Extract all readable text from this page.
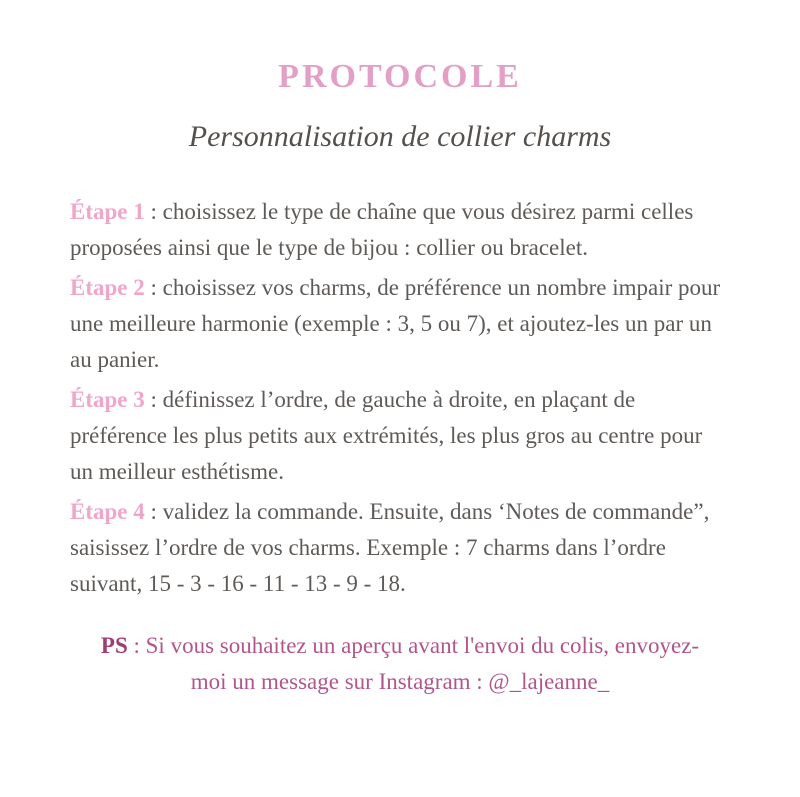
PROTOCOLE
Personnalisation de collier charms

Étape 1 : choisissez le type de chaîne que vous désirez parmi celles proposées ainsi que le type de bijou : collier ou bracelet.

Étape 2 : choisissez vos charms, de préférence un nombre impair pour une meilleure harmonie (exemple : 3, 5 ou 7), et ajoutez-les un par un au panier.

Étape 3 : définissez l’ordre, de gauche à droite, en plaçant de préférence les plus petits aux extrémités, les plus gros au centre pour un meilleur esthétisme.

Étape 4 : validez la commande. Ensuite, dans ‘Notes de commande”, saisissez l’ordre de vos charms. Exemple : 7 charms dans l’ordre suivant, 15 - 3 - 16 - 11 - 13 - 9 - 18.

PS : Si vous souhaitez un aperçu avant l'envoi du colis, envoyez-moi un message sur Instagram : @_lajeanne_
